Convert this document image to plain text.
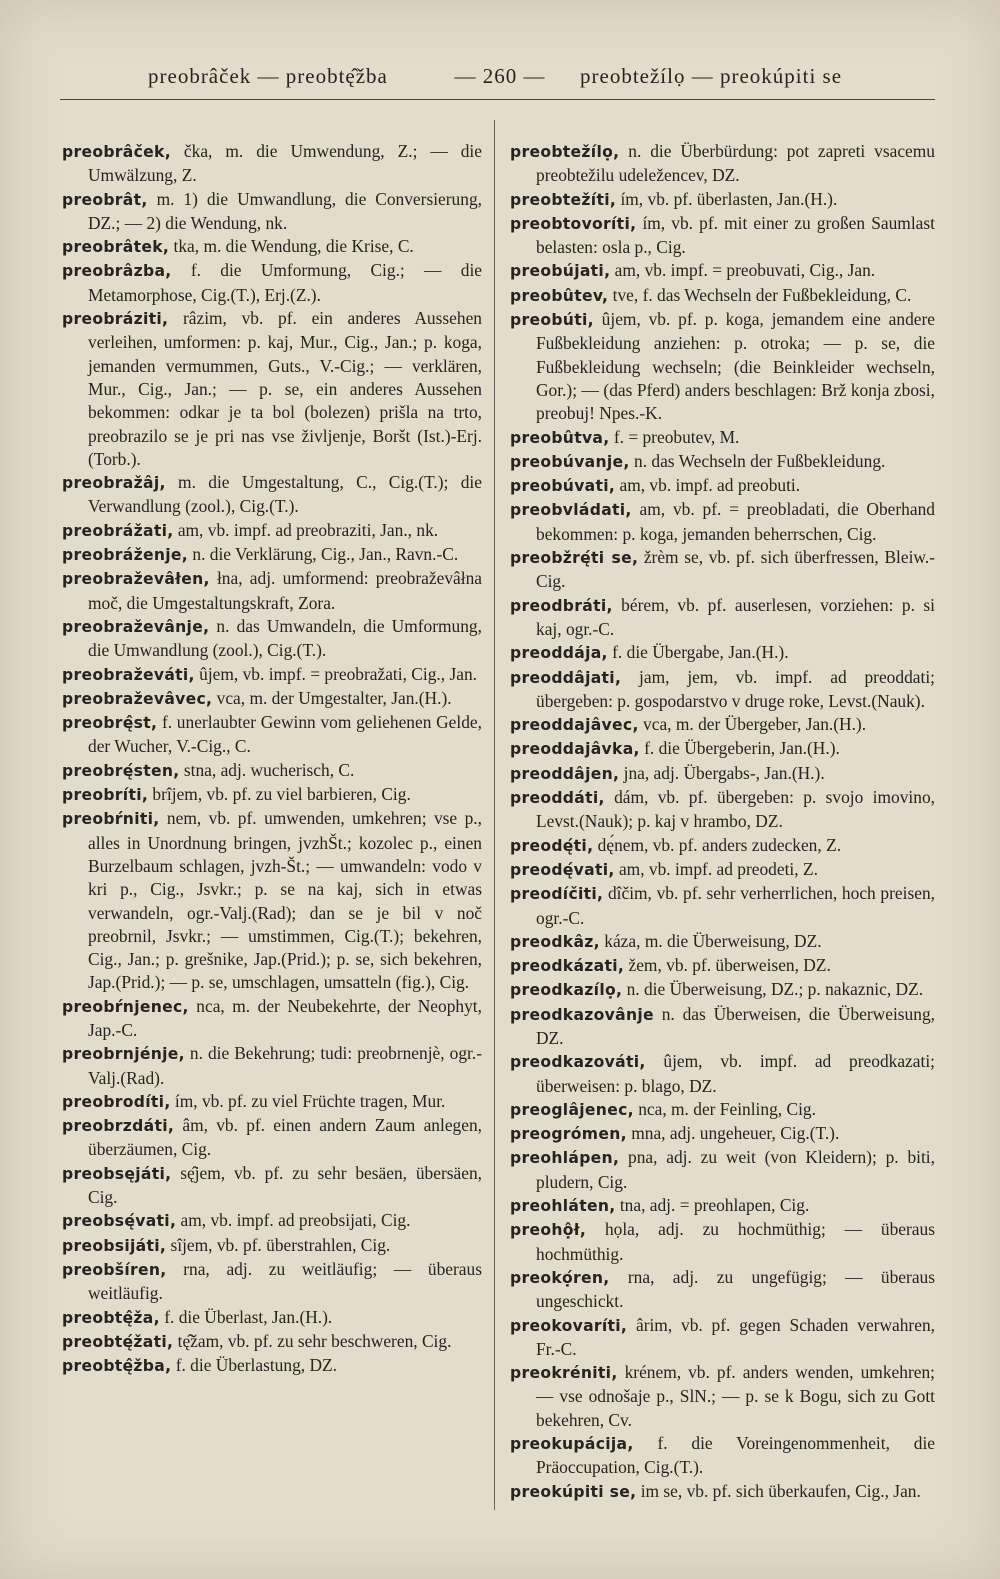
preobrâček — preobtę̂žba	— 260 —	preobtežílọ — preokúpiti se

preobrâček, čka, m. die Umwendung, Z.; — die Umwälzung, Z.

preobrât, m. 1) die Umwandlung, die Conversierung, DZ.; — 2) die Wendung, nk.

preobrâtek, tka, m. die Wendung, die Krise, C.

preobrâzba, f. die Umformung, Cig.; — die Metamorphose, Cig.(T.), Erj.(Z.).

preobráziti, râzim, vb. pf. ein anderes Aussehen verleihen, umformen: p. kaj, Mur., Cig., Jan.; p. koga, jemanden vermummen, Guts., V.-Cig.; — verklären, Mur., Cig., Jan.; — p. se, ein anderes Aussehen bekommen: odkar je ta bol (bolezen) prišla na trto, preobrazilo se je pri nas vse življenje, Boršt (Ist.)-Erj.(Torb.).

preobražâj, m. die Umgestaltung, C., Cig.(T.); die Verwandlung (zool.), Cig.(T.).

preobrážati, am, vb. impf. ad preobraziti, Jan., nk.

preobráženje, n. die Verklärung, Cig., Jan., Ravn.-C.

preobraževâłen, łna, adj. umformend: preobraževâłna moč, die Umgestaltungskraft, Zora.

preobraževânje, n. das Umwandeln, die Umformung, die Umwandlung (zool.), Cig.(T.).

preobraževáti, ûjem, vb. impf. = preobražati, Cig., Jan.

preobraževâvec, vca, m. der Umgestalter, Jan.(H.).

preobrę̂st, f. unerlaubter Gewinn vom geliehenen Gelde, der Wucher, V.-Cig., C.

preobrę́sten, stna, adj. wucherisch, C.

preobríti, brîjem, vb. pf. zu viel barbieren, Cig.

preobŕniti, nem, vb. pf. umwenden, umkehren; vse p., alles in Unordnung bringen, jvzhŠt.; kozolec p., einen Burzelbaum schlagen, jvzh-Št.; — umwandeln: vodo v kri p., Cig., Jsvkr.; p. se na kaj, sich in etwas verwandeln, ogr.-Valj.(Rad); dan se je bil v noč preobrnil, Jsvkr.; — umstimmen, Cig.(T.); bekehren, Cig., Jan.; p. grešnike, Jap.(Prid.); p. se, sich bekehren, Jap.(Prid.); — p. se, umschlagen, umsatteln (fig.), Cig.

preobŕnjenec, nca, m. der Neubekehrte, der Neophyt, Jap.-C.

preobrnjénje, n. die Bekehrung; tudi: preobrnenjè, ogr.-Valj.(Rad).

preobrodíti, ím, vb. pf. zu viel Früchte tragen, Mur.

preobrzdáti, âm, vb. pf. einen andern Zaum anlegen, überzäumen, Cig.

preobsęjáti, sę̂jem, vb. pf. zu sehr besäen, übersäen, Cig.

preobsę́vati, am, vb. impf. ad preobsijati, Cig.

preobsijáti, sîjem, vb. pf. überstrahlen, Cig.

preobšíren, rna, adj. zu weitläufig; — überaus weitläufig.

preobtę̂ža, f. die Überlast, Jan.(H.).

preobtę́žati, tę̂žam, vb. pf. zu sehr beschweren, Cig.

preobtę̂žba, f. die Überlastung, DZ.

preobtežílọ, n. die Überbürdung: pot zapreti vsacemu preobtežilu udeležencev, DZ.

preobtežíti, ím, vb. pf. überlasten, Jan.(H.).

preobtovoríti, ím, vb. pf. mit einer zu großen Saumlast belasten: osla p., Cig.

preobújati, am, vb. impf. = preobuvati, Cig., Jan.

preobûtev, tve, f. das Wechseln der Fußbekleidung, C.

preobúti, ûjem, vb. pf. p. koga, jemandem eine andere Fußbekleidung anziehen: p. otroka; — p. se, die Fußbekleidung wechseln; (die Beinkleider wechseln, Gor.); — (das Pferd) anders beschlagen: Brž konja zbosi, preobuj! Npes.-K.

preobûtva, f. = preobutev, M.

preobúvanje, n. das Wechseln der Fußbekleidung.

preobúvati, am, vb. impf. ad preobuti.

preobvládati, am, vb. pf. = preobladati, die Oberhand bekommen: p. koga, jemanden beherrschen, Cig.

preobžrę́ti se, žrèm se, vb. pf. sich überfressen, Bleiw.-Cig.

preodbráti, bérem, vb. pf. auserlesen, vorziehen: p. si kaj, ogr.-C.

preoddája, f. die Übergabe, Jan.(H.).

preoddâjati, jam, jem, vb. impf. ad preoddati; übergeben: p. gospodarstvo v druge roke, Levst.(Nauk).

preoddajâvec, vca, m. der Übergeber, Jan.(H.).

preoddajâvka, f. die Übergeberin, Jan.(H.).

preoddâjen, jna, adj. Übergabs-, Jan.(H.).

preoddáti, dám, vb. pf. übergeben: p. svojo imovino, Levst.(Nauk); p. kaj v hrambo, DZ.

preodę́ti, dę́nem, vb. pf. anders zudecken, Z.

preodę́vati, am, vb. impf. ad preodeti, Z.

preodíčiti, dîčim, vb. pf. sehr verherrlichen, hoch preisen, ogr.-C.

preodkâz, káza, m. die Überweisung, DZ.

preodkázati, žem, vb. pf. überweisen, DZ.

preodkazílọ, n. die Überweisung, DZ.; p. nakaznic, DZ.

preodkazovânje n. das Überweisen, die Überweisung, DZ.

preodkazováti, ûjem, vb. impf. ad preodkazati; überweisen: p. blago, DZ.

preoglâjenec, nca, m. der Feinling, Cig.

preogrómen, mna, adj. ungeheuer, Cig.(T.).

preohlápen, pna, adj. zu weit (von Kleidern); p. biti, pludern, Cig.

preohláten, tna, adj. = preohlapen, Cig.

preohộł, họla, adj. zu hochmüthig; — überaus hochmüthig.

preokọ́ren, rna, adj. zu ungefügig; — überaus ungeschickt.

preokovaríti, ârim, vb. pf. gegen Schaden verwahren, Fr.-C.

preokréniti, krénem, vb. pf. anders wenden, umkehren; — vse odnošaje p., SlN.; — p. se k Bogu, sich zu Gott bekehren, Cv.

preokupácija, f. die Voreingenommenheit, die Präoccupation, Cig.(T.).

preokúpiti se, im se, vb. pf. sich überkaufen, Cig., Jan.
